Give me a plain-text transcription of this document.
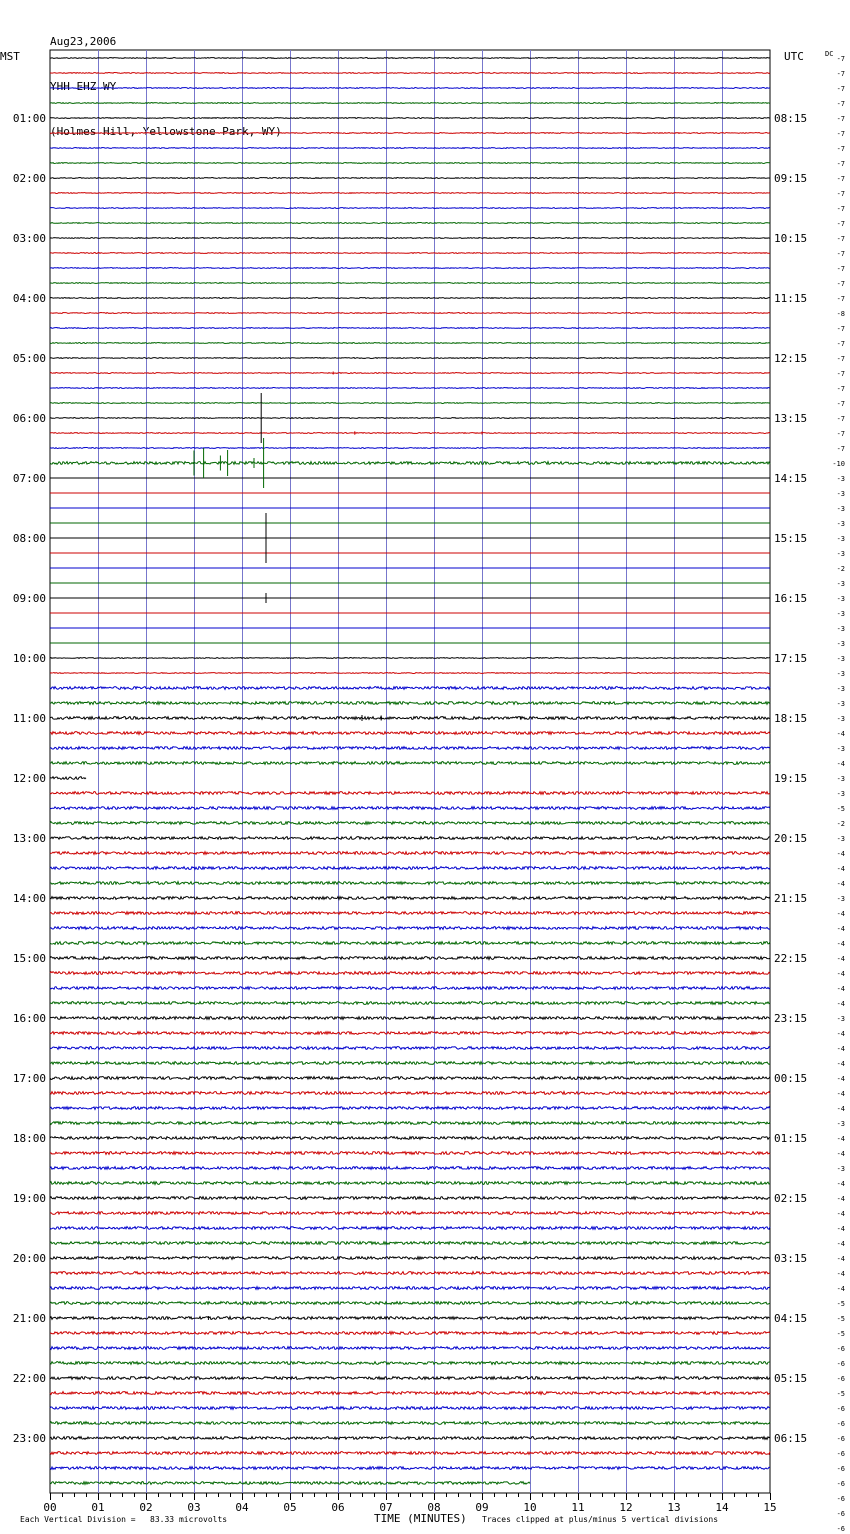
Aug23,2006

YHH EHZ WY

(Holmes Hill, Yellowstone Park, WY)

01:00
02:00
03:00
04:00
05:00
06:00
07:00
08:00
09:00
10:00
11:00
12:00
13:00
14:00
15:00
16:00
17:00
18:00
19:00
20:00
21:00
22:00
23:00
08:15
09:15
10:15
11:15
12:15
13:15
14:15
15:15
16:15
17:15
18:15
19:15
20:15
21:15
22:15
23:15
00:15
01:15
02:15
03:15
04:15
05:15
06:15
-7
-7
-7
-7
-7
-7
-7
-7
-7
-7
-7
-7
-7
-7
-7
-7
-7
-8
-7
-7
-7
-7
-7
-7
-7
-7
-7
-10
-3
-3
-3
-3
-3
-3
-2
-3
-3
-3
-3
-3
-3
-3
-3
-3
-3
-4
-3
-4
-3
-3
-5
-2
-3
-4
-4
-4
-3
-4
-4
-4
-4
-4
-4
-4
-3
-4
-4
-4
-4
-4
-4
-3
-4
-4
-3
-4
-4
-4
-4
-4
-4
-4
-4
-5
-5
-5
-6
-6
-6
-5
-6
-6
-6
-6
-6
-6
-6
-6
-6
00	01	02	03	04	05	06	07	08	09	10	11	12	13	14	15
MST	UTC	DC
TIME (MINUTES)
Each Vertical Division =   83.33 microvolts	Traces clipped at plus/minus 5 vertical divisions
